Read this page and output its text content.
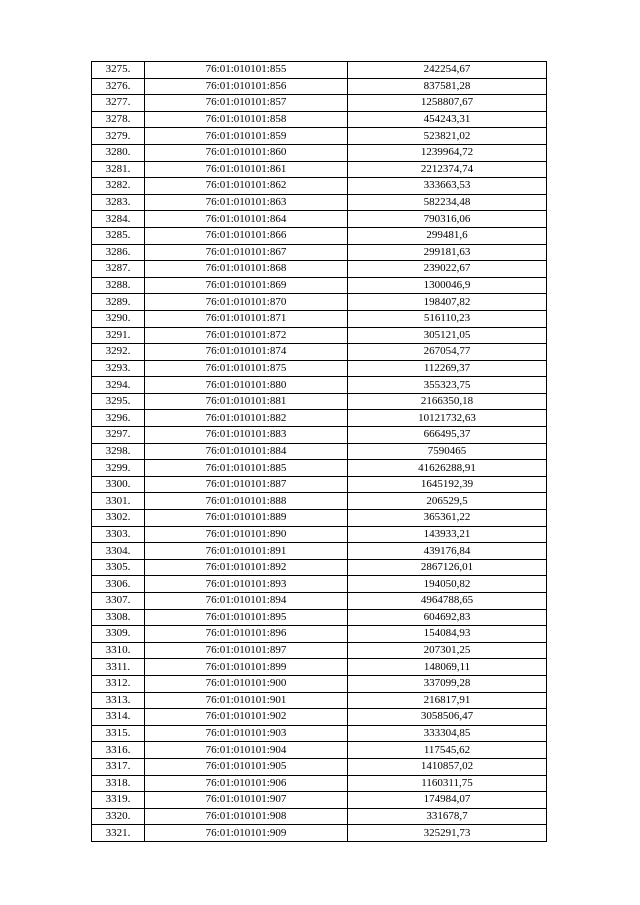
3275.	76:01:010101:855	242254,67
3276.	76:01:010101:856	837581,28
3277.	76:01:010101:857	1258807,67
3278.	76:01:010101:858	454243,31
3279.	76:01:010101:859	523821,02
3280.	76:01:010101:860	1239964,72
3281.	76:01:010101:861	2212374,74
3282.	76:01:010101:862	333663,53
3283.	76:01:010101:863	582234,48
3284.	76:01:010101:864	790316,06
3285.	76:01:010101:866	299481,6
3286.	76:01:010101:867	299181,63
3287.	76:01:010101:868	239022,67
3288.	76:01:010101:869	1300046,9
3289.	76:01:010101:870	198407,82
3290.	76:01:010101:871	516110,23
3291.	76:01:010101:872	305121,05
3292.	76:01:010101:874	267054,77
3293.	76:01:010101:875	112269,37
3294.	76:01:010101:880	355323,75
3295.	76:01:010101:881	2166350,18
3296.	76:01:010101:882	10121732,63
3297.	76:01:010101:883	666495,37
3298.	76:01:010101:884	7590465
3299.	76:01:010101:885	41626288,91
3300.	76:01:010101:887	1645192,39
3301.	76:01:010101:888	206529,5
3302.	76:01:010101:889	365361,22
3303.	76:01:010101:890	143933,21
3304.	76:01:010101:891	439176,84
3305.	76:01:010101:892	2867126,01
3306.	76:01:010101:893	194050,82
3307.	76:01:010101:894	4964788,65
3308.	76:01:010101:895	604692,83
3309.	76:01:010101:896	154084,93
3310.	76:01:010101:897	207301,25
3311.	76:01:010101:899	148069,11
3312.	76:01:010101:900	337099,28
3313.	76:01:010101:901	216817,91
3314.	76:01:010101:902	3058506,47
3315.	76:01:010101:903	333304,85
3316.	76:01:010101:904	117545,62
3317.	76:01:010101:905	1410857,02
3318.	76:01:010101:906	1160311,75
3319.	76:01:010101:907	174984,07
3320.	76:01:010101:908	331678,7
3321.	76:01:010101:909	325291,73
